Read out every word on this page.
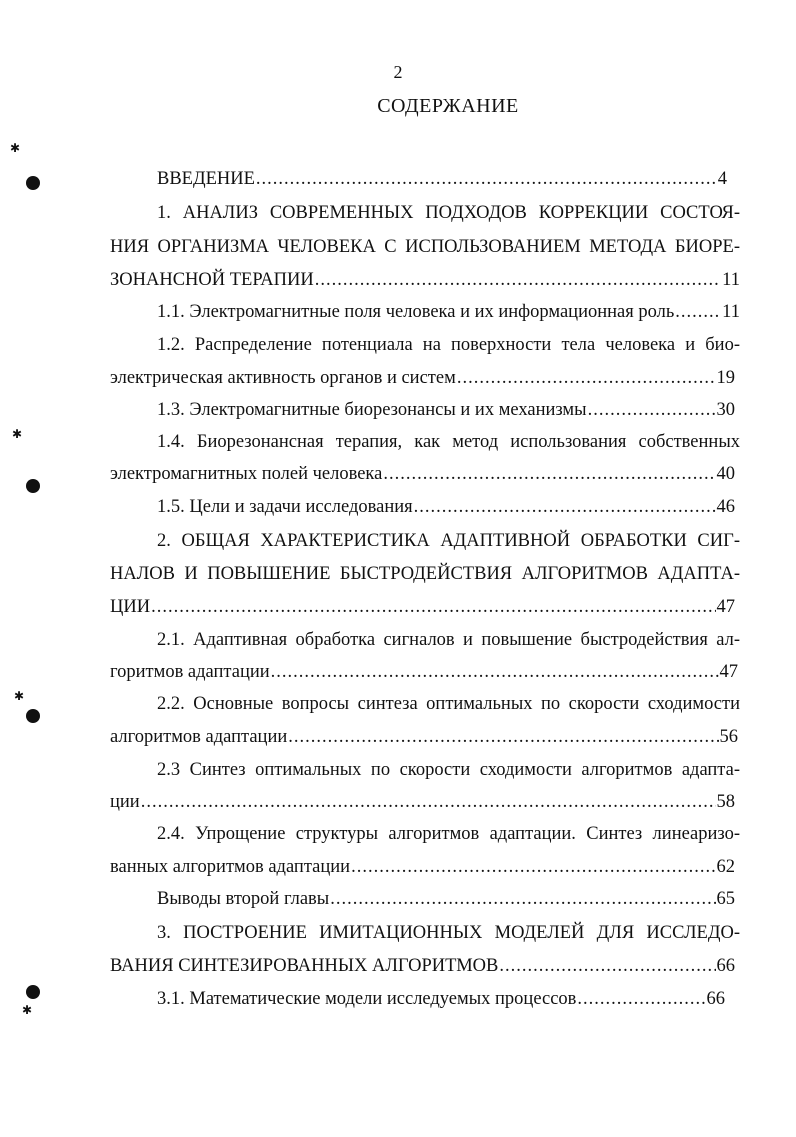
✱
✱
✱
✱
2
СОДЕРЖАНИЕ
ВВЕДЕНИЕ .....	4
1. АНАЛИЗ СОВРЕМЕННЫХ ПОДХОДОВ КОРРЕКЦИИ СОСТОЯ-
НИЯ ОРГАНИЗМА ЧЕЛОВЕКА С ИСПОЛЬЗОВАНИЕМ МЕТОДА БИОРЕ-
ЗОНАНСНОЙ ТЕРАПИИ .....	11
1.1. Электромагнитные поля человека и их информационная роль .....	11
1.2. Распределение потенциала на поверхности тела человека и био-
электрическая активность органов и систем .....	19
1.3. Электромагнитные биорезонансы и их механизмы .....	30
1.4. Биорезонансная терапия, как метод использования собственных
электромагнитных полей человека .....	40
1.5. Цели и задачи исследования .....	46
2. ОБЩАЯ ХАРАКТЕРИСТИКА АДАПТИВНОЙ ОБРАБОТКИ СИГ-
НАЛОВ И ПОВЫШЕНИЕ БЫСТРОДЕЙСТВИЯ АЛГОРИТМОВ АДАПТА-
ЦИИ .....	47
2.1. Адаптивная обработка сигналов и повышение быстродействия ал-
горитмов адаптации .....	47
2.2. Основные вопросы синтеза оптимальных по скорости сходимости
алгоритмов адаптации .....	56
2.3 Синтез оптимальных по скорости сходимости алгоритмов адапта-
ции .....	58
2.4. Упрощение структуры алгоритмов адаптации. Синтез линеаризо-
ванных алгоритмов адаптации .....	62
Выводы второй главы .....	65
3. ПОСТРОЕНИЕ ИМИТАЦИОННЫХ МОДЕЛЕЙ ДЛЯ ИССЛЕДО-
ВАНИЯ СИНТЕЗИРОВАННЫХ АЛГОРИТМОВ .....	66
3.1. Математические модели исследуемых процессов .....	66
